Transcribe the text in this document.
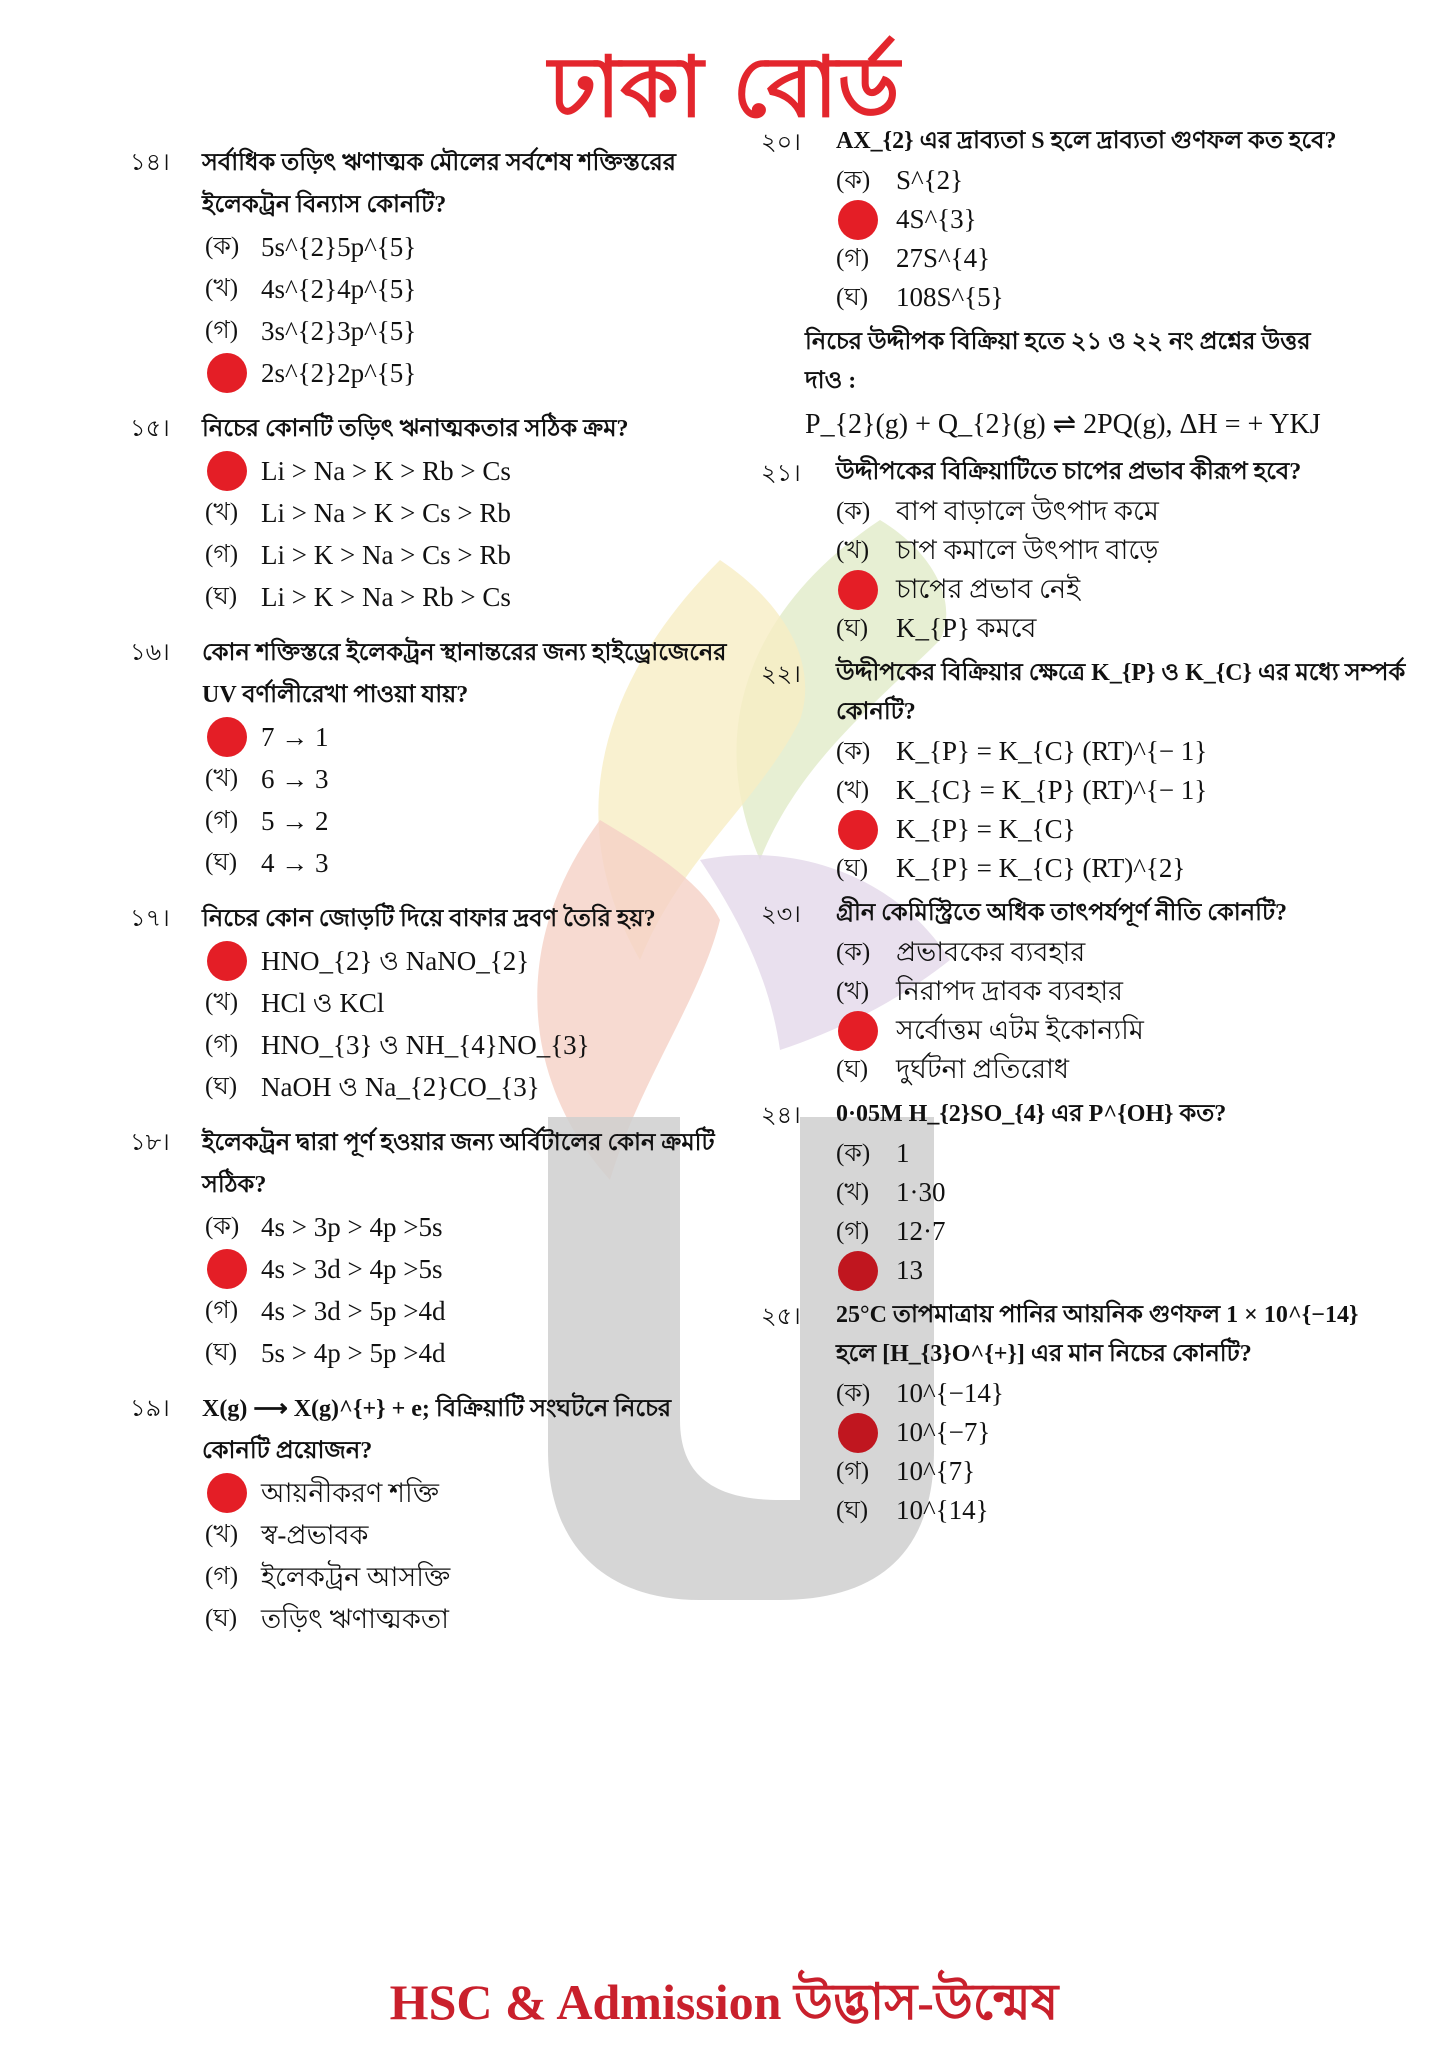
ঢাকা বোর্ড
১৪। সর্বাধিক তড়িৎ ঋণাত্মক মৌলের সর্বশেষ শক্তিস্তরের
ইলেকট্রন বিন্যাস কোনটি?
(ক) 5s^{2}5p^{5}
(খ) 4s^{2}4p^{5}
(গ) 3s^{2}3p^{5}
2s^{2}2p^{5}
১৫। নিচের কোনটি তড়িৎ ঋনাত্মকতার সঠিক ক্রম?
Li > Na > K > Rb > Cs
(খ) Li > Na > K > Cs > Rb
(গ) Li > K > Na > Cs > Rb
(ঘ) Li > K > Na > Rb > Cs
১৬। কোন শক্তিস্তরে ইলেকট্রন স্থানান্তরের জন্য হাইড্রোজেনের
UV বর্ণালীরেখা পাওয়া যায়?
7 → 1
(খ) 6 → 3
(গ) 5 → 2
(ঘ) 4 → 3
১৭। নিচের কোন জোড়টি দিয়ে বাফার দ্রবণ তৈরি হয়?
HNO_{2} ও NaNO_{2}
(খ) HCl ও KCl
(গ) HNO_{3} ও NH_{4}NO_{3}
(ঘ) NaOH ও Na_{2}CO_{3}
১৮। ইলেকট্রন দ্বারা পূর্ণ হওয়ার জন্য অর্বিটালের কোন ক্রমটি
সঠিক?
(ক) 4s > 3p > 4p >5s
4s > 3d > 4p >5s
(গ) 4s > 3d > 5p >4d
(ঘ) 5s > 4p > 5p >4d
১৯। X(g) ⟶ X(g)^{+} + e; বিক্রিয়াটি সংঘটনে নিচের
কোনটি প্রয়োজন?
আয়নীকরণ শক্তি
(খ) স্ব-প্রভাবক
(গ) ইলেকট্রন আসক্তি
(ঘ) তড়িৎ ঋণাত্মকতা
২০। AX_{2} এর দ্রাব্যতা S হলে দ্রাব্যতা গুণফল কত হবে?
(ক) S^{2}
4S^{3}
(গ) 27S^{4}
(ঘ) 108S^{5}
নিচের উদ্দীপক বিক্রিয়া হতে ২১ ও ২২ নং প্রশ্নের উত্তর
দাও :
P_{2}(g) + Q_{2}(g) ⇌ 2PQ(g), ΔH = + YKJ
২১। উদ্দীপকের বিক্রিয়াটিতে চাপের প্রভাব কীরূপ হবে?
(ক) বাপ বাড়ালে উৎপাদ কমে
(খ) চাপ কমালে উৎপাদ বাড়ে
চাপের প্রভাব নেই
(ঘ) K_{P} কমবে
২২। উদ্দীপকের বিক্রিয়ার ক্ষেত্রে K_{P} ও K_{C} এর মধ্যে সম্পর্ক
কোনটি?
(ক) K_{P} = K_{C} (RT)^{− 1}
(খ) K_{C} = K_{P} (RT)^{− 1}
K_{P} = K_{C}
(ঘ) K_{P} = K_{C} (RT)^{2}
২৩। গ্রীন কেমিস্ট্রিতে অধিক তাৎপর্যপূর্ণ নীতি কোনটি?
(ক) প্রভাবকের ব্যবহার
(খ) নিরাপদ দ্রাবক ব্যবহার
সর্বোত্তম এটম ইকোন্যমি
(ঘ) দুর্ঘটনা প্রতিরোধ
২৪। 0·05M H_{2}SO_{4} এর P^{OH} কত?
(ক) 1
(খ) 1·30
(গ) 12·7
13
২৫। 25°C তাপমাত্রায় পানির আয়নিক গুণফল 1 × 10^{−14}
হলে [H_{3}O^{+}] এর মান নিচের কোনটি?
(ক) 10^{−14}
10^{−7}
(গ) 10^{7}
(ঘ) 10^{14}
HSC & Admission উদ্ভাস-উন্মেষ
